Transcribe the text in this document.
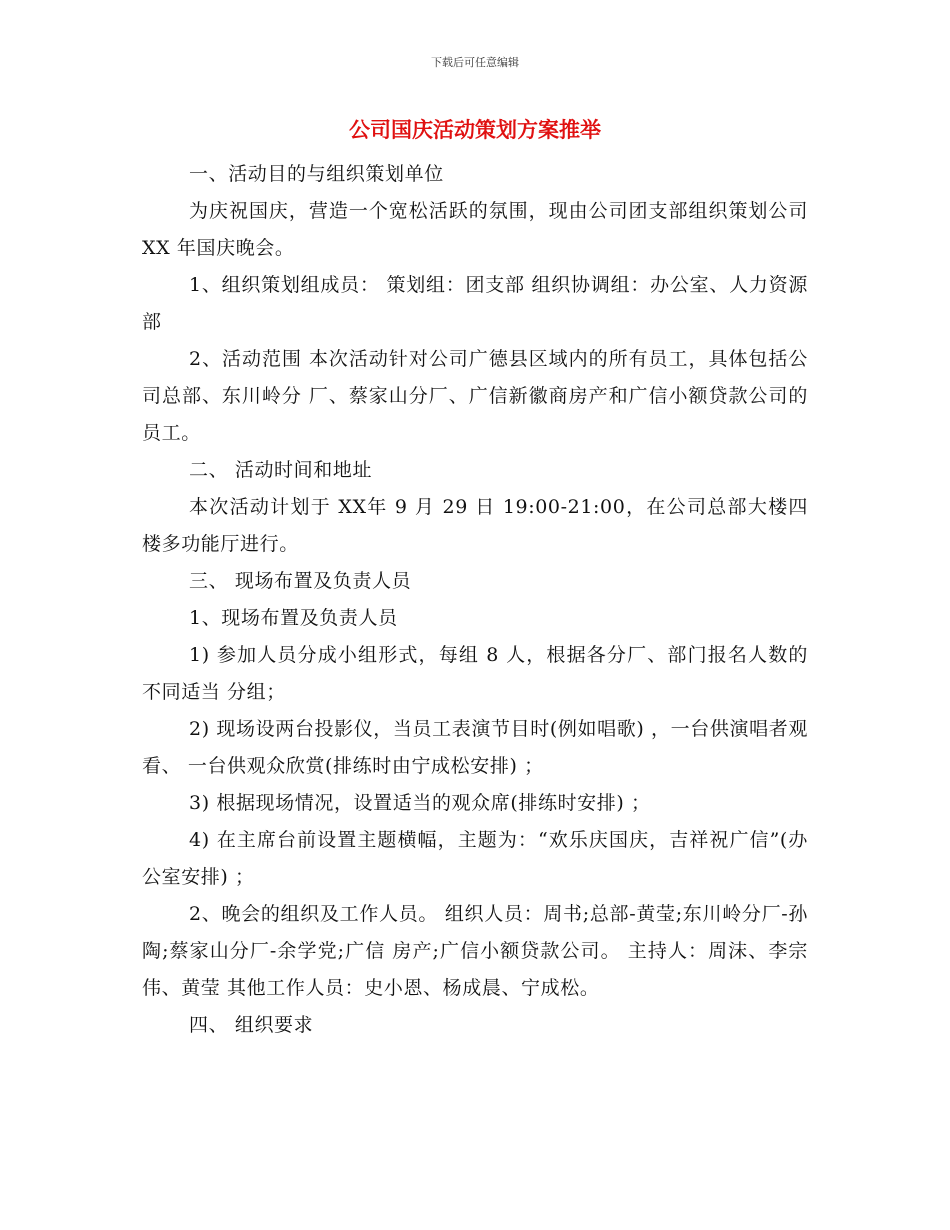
下载后可任意编辑
公司国庆活动策划方案推举

一、活动目的与组织策划单位

为庆祝国庆，营造一个宽松活跃的氛围，现由公司团支部组织策划公司XX 年国庆晚会。

1、组织策划组成员： 策划组：团支部 组织协调组：办公室、人力资源部

2、活动范围 本次活动针对公司广德县区域内的所有员工，具体包括公司总部、东川岭分 厂、蔡家山分厂、广信新徽商房产和广信小额贷款公司的员工。

二、 活动时间和地址

本次活动计划于 XX年 9 月 29 日 19:00-21:00，在公司总部大楼四楼多功能厅进行。

三、 现场布置及负责人员

1、现场布置及负责人员

1) 参加人员分成小组形式，每组 8 人，根据各分厂、部门报名人数的不同适当 分组；

2) 现场设两台投影仪，当员工表演节目时(例如唱歌) ，一台供演唱者观看、 一台供观众欣赏(排练时由宁成松安排) ；

3) 根据现场情况，设置适当的观众席(排练时安排) ；

4) 在主席台前设置主题横幅，主题为：“欢乐庆国庆，吉祥祝广信”(办公室安排) ；

2、晚会的组织及工作人员。 组织人员：周书;总部-黄莹;东川岭分厂-孙陶;蔡家山分厂-余学党;广信 房产;广信小额贷款公司。 主持人：周沫、李宗伟、黄莹 其他工作人员：史小恩、杨成晨、宁成松。

四、 组织要求
